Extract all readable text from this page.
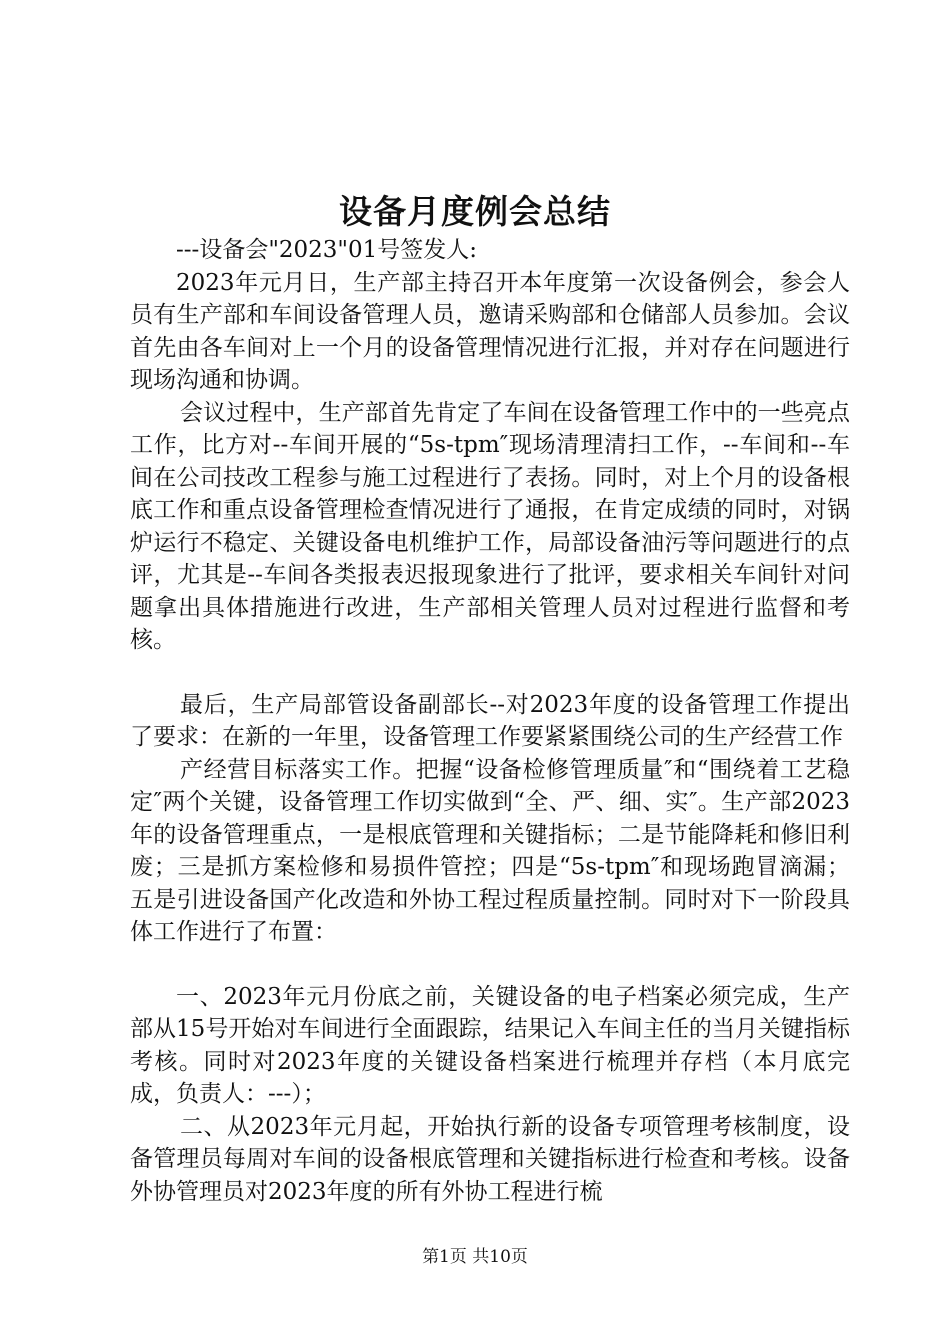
设备月度例会总结

---设备会"2023"01号签发人:

2023年元月日，生产部主持召开本年度第一次设备例会，参会人员有生产部和车间设备管理人员，邀请采购部和仓储部人员参加。会议首先由各车间对上一个月的设备管理情况进行汇报，并对存在问题进行现场沟通和协调。

会议过程中，生产部首先肯定了车间在设备管理工作中的一些亮点工作，比方对--车间开展的“5s-tpm″现场清理清扫工作，--车间和--车间在公司技改工程参与施工过程进行了表扬。同时，对上个月的设备根底工作和重点设备管理检查情况进行了通报，在肯定成绩的同时，对锅炉运行不稳定、关键设备电机维护工作，局部设备油污等问题进行的点评，尤其是--车间各类报表迟报现象进行了批评，要求相关车间针对问题拿出具体措施进行改进，生产部相关管理人员对过程进行监督和考核。

最后，生产局部管设备副部长--对2023年度的设备管理工作提出了要求：在新的一年里，设备管理工作要紧紧围绕公司的生产经营工作

产经营目标落实工作。把握“设备检修管理质量″和“围绕着工艺稳定″两个关键，设备管理工作切实做到“全、严、细、实″。生产部2023年的设备管理重点，一是根底管理和关键指标；二是节能降耗和修旧利废；三是抓方案检修和易损件管控；四是“5s-tpm″和现场跑冒滴漏；五是引进设备国产化改造和外协工程过程质量控制。同时对下一阶段具体工作进行了布置：

一、2023年元月份底之前，关键设备的电子档案必须完成，生产部从15号开始对车间进行全面跟踪，结果记入车间主任的当月关键指标考核。同时对2023年度的关键设备档案进行梳理并存档（本月底完成，负责人：---）；

二、从2023年元月起，开始执行新的设备专项管理考核制度，设备管理员每周对车间的设备根底管理和关键指标进行检查和考核。设备外协管理员对2023年度的所有外协工程进行梳

第1页 共10页
